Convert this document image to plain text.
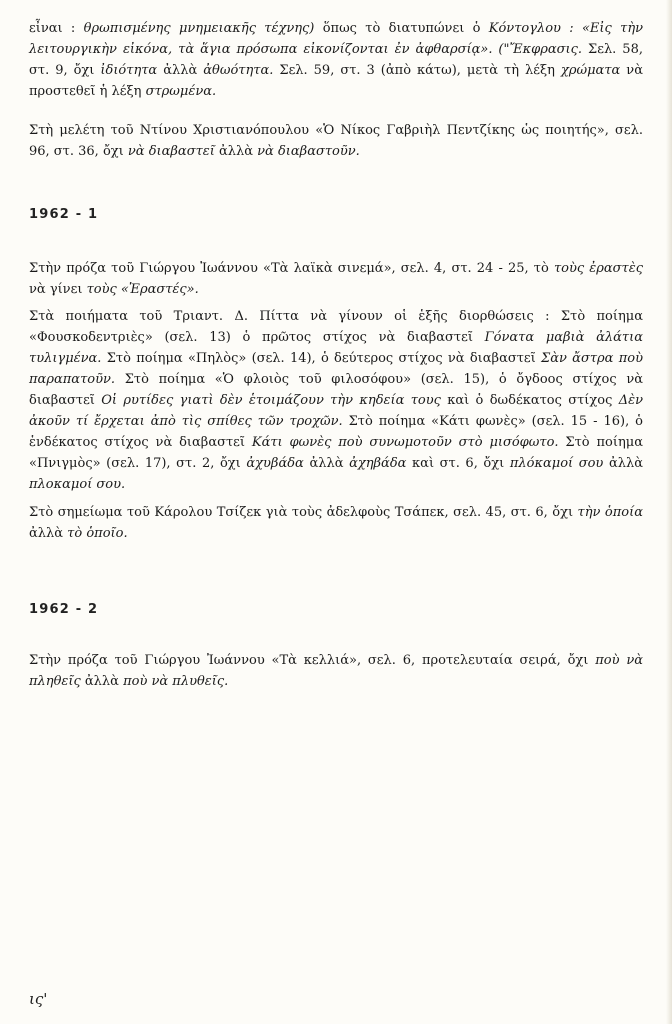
εἶναι : θρωπισμένης μνημειακῆς τέχνης) ὅπως τὸ διατυπώνει ὁ Κόντογλου : «Εἰς τὴν λειτουργικὴν εἰκόνα, τὰ ἅγια πρόσωπα εἰκονίζονται ἐν ἀφθαρσίᾳ». ("Ἔκφρασις. Σελ. 58, στ. 9, ὄχι ἰδιότητα ἀλλὰ ἀθωότητα. Σελ. 59, στ. 3 (ἀπὸ κάτω), μετὰ τὴ λέξη χρώματα νὰ προστεθεῖ ἡ λέξη στρωμένα.

Στὴ μελέτη τοῦ Ντίνου Χριστιανόπουλου «Ὁ Νίκος Γαβριὴλ Πεντζίκης ὡς ποιητής», σελ. 96, στ. 36, ὄχι νὰ διαβαστεῖ ἀλλὰ νὰ διαβαστοῦν.

1962 - 1

Στὴν πρόζα τοῦ Γιώργου Ἰωάννου «Τὰ λαϊκὰ σινεμά», σελ. 4, στ. 24 - 25, τὸ τοὺς ἐραστὲς νὰ γίνει τοὺς «Ἐραστές».

Στὰ ποιήματα τοῦ Τριαντ. Δ. Πίττα νὰ γίνουν οἱ ἑξῆς διορθώσεις : Στὸ ποίημα «Φουσκοδεντριὲς» (σελ. 13) ὁ πρῶτος στίχος νὰ διαβαστεῖ Γόνατα μαβιὰ ἀλάτια τυλιγμένα. Στὸ ποίημα «Πηλὸς» (σελ. 14), ὁ δεύτερος στίχος νὰ διαβαστεῖ Σὰν ἄστρα ποὺ παραπατοῦν. Στὸ ποίημα «Ὁ φλοιὸς τοῦ φιλοσόφου» (σελ. 15), ὁ ὄγδοος στίχος νὰ διαβαστεῖ Οἱ ρυτίδες γιατὶ δὲν ἑτοιμάζουν τὴν κηδεία τους καὶ ὁ δωδέκατος στίχος Δὲν ἀκοῦν τί ἔρχεται ἀπὸ τὶς σπίθες τῶν τροχῶν. Στὸ ποίημα «Κάτι φωνὲς» (σελ. 15 - 16), ὁ ἑνδέκατος στίχος νὰ διαβαστεῖ Κάτι φωνὲς ποὺ συνωμοτοῦν στὸ μισόφωτο. Στὸ ποίημα «Πνιγμὸς» (σελ. 17), στ. 2, ὄχι ἀχυβάδα ἀλλὰ ἀχηβάδα καὶ στ. 6, ὄχι πλόκαμοί σου ἀλλὰ πλοκαμοί σου.

Στὸ σημείωμα τοῦ Κάρολου Τσίζεκ γιὰ τοὺς ἀδελφοὺς Τσάπεκ, σελ. 45, στ. 6, ὄχι τὴν ὁποία ἀλλὰ τὸ ὁποῖο.

1962 - 2

Στὴν πρόζα τοῦ Γιώργου Ἰωάννου «Τὰ κελλιά», σελ. 6, προτελευταία σειρά, ὄχι ποὺ νὰ πληθεῖς ἀλλὰ ποὺ νὰ πλυθεῖς.

ις'
